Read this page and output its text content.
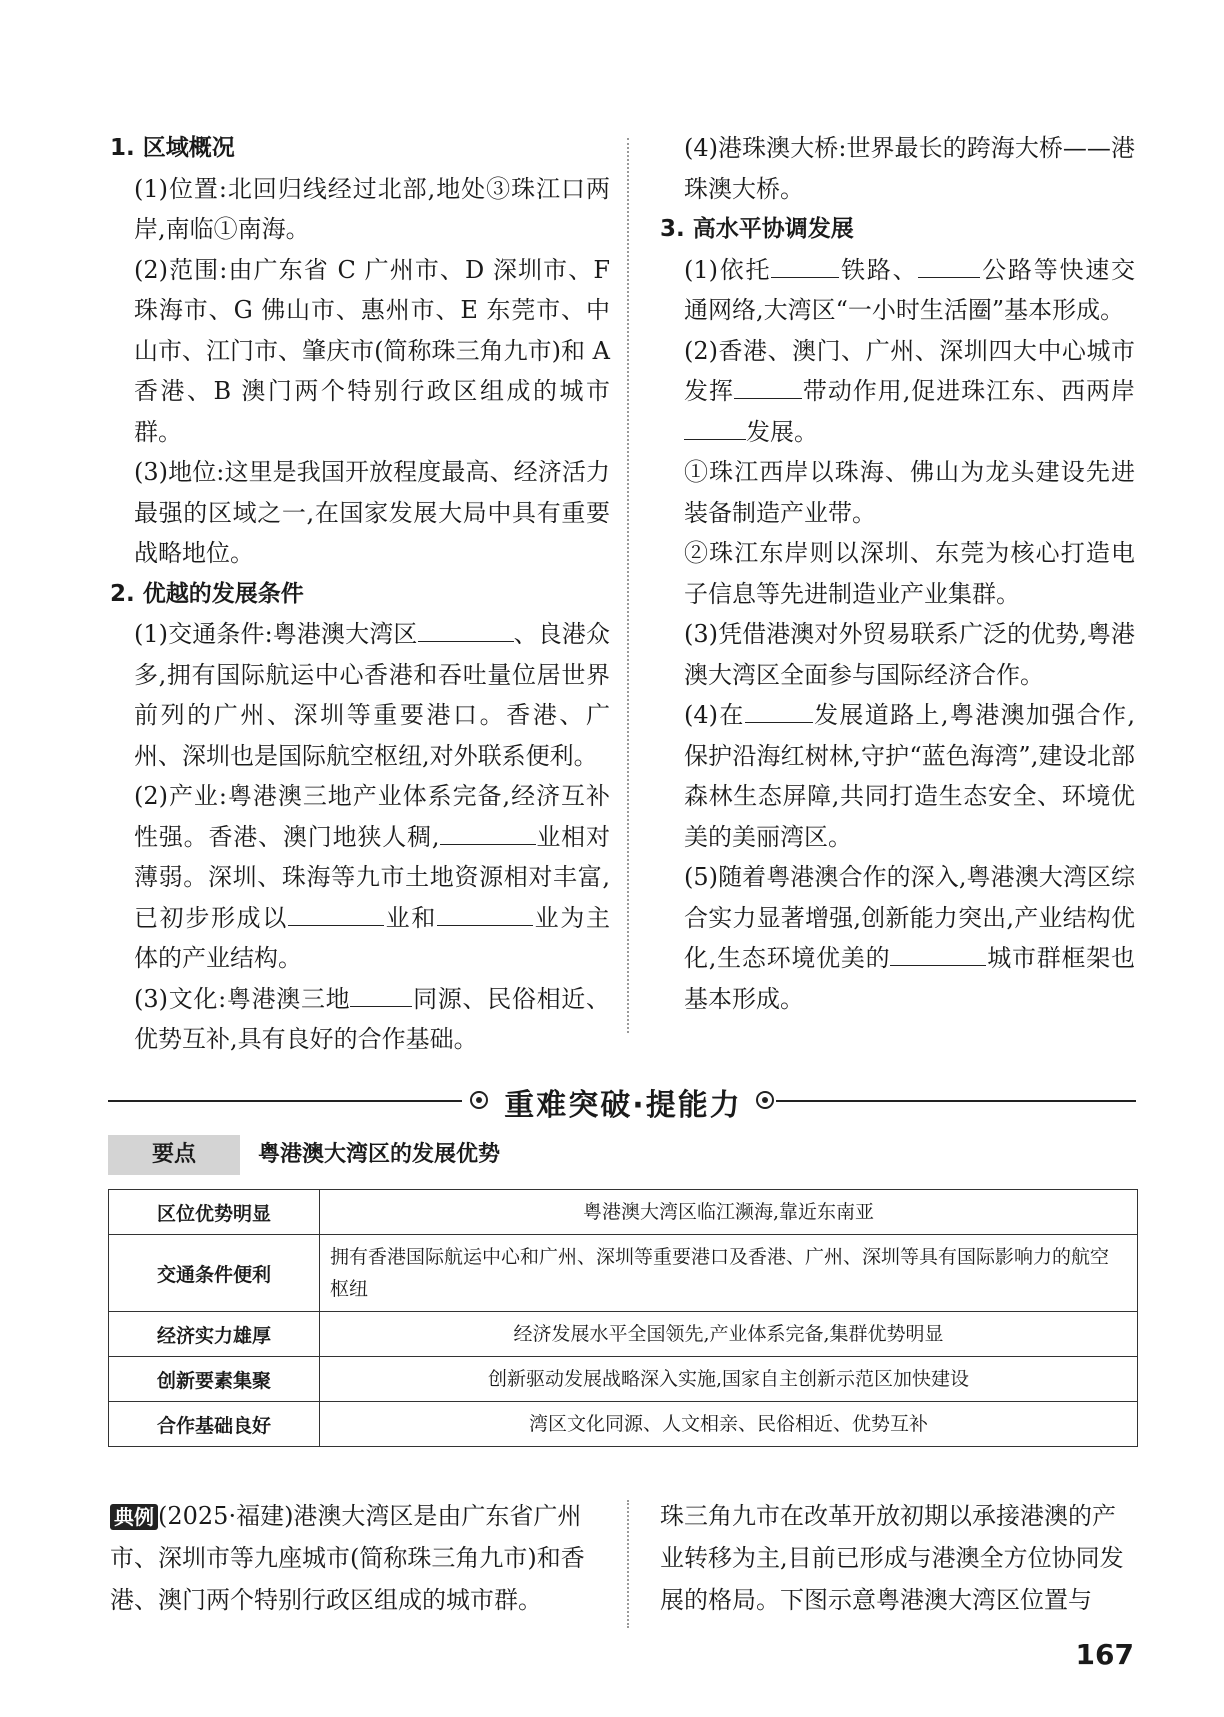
1. 区域概况

(1)位置:北回归线经过北部,地处③珠江口两岸,南临①南海。

(2)范围:由广东省 C 广州市、D 深圳市、F 珠海市、G 佛山市、惠州市、E 东莞市、中山市、江门市、肇庆市(简称珠三角九市)和 A 香港、B 澳门两个特别行政区组成的城市群。

(3)地位:这里是我国开放程度最高、经济活力最强的区域之一,在国家发展大局中具有重要战略地位。

2. 优越的发展条件

(1)交通条件:粤港澳大湾区	、良港众多,拥有国际航运中心香港和吞吐量位居世界前列的广州、深圳等重要港口。香港、广州、深圳也是国际航空枢纽,对外联系便利。

(2)产业:粤港澳三地产业体系完备,经济互补性强。香港、澳门地狭人稠,	业相对薄弱。深圳、珠海等九市土地资源相对丰富,已初步形成以	业和	业为主体的产业结构。

(3)文化:粤港澳三地	同源、民俗相近、优势互补,具有良好的合作基础。

(4)港珠澳大桥:世界最长的跨海大桥——港珠澳大桥。

3. 高水平协调发展

(1)依托	铁路、	公路等快速交通网络,大湾区“一小时生活圈”基本形成。

(2)香港、澳门、广州、深圳四大中心城市发挥	带动作用,促进珠江东、西两岸发展。

①珠江西岸以珠海、佛山为龙头建设先进装备制造产业带。

②珠江东岸则以深圳、东莞为核心打造电子信息等先进制造业产业集群。

(3)凭借港澳对外贸易联系广泛的优势,粤港澳大湾区全面参与国际经济合作。

(4)在	发展道路上,粤港澳加强合作,保护沿海红树林,守护“蓝色海湾”,建设北部森林生态屏障,共同打造生态安全、环境优美的美丽湾区。

(5)随着粤港澳合作的深入,粤港澳大湾区综合实力显著增强,创新能力突出,产业结构优化,生态环境优美的	城市群框架也基本形成。

重难突破·提能力
要点	粤港澳大湾区的发展优势
区位优势明显	粤港澳大湾区临江濒海,靠近东南亚
交通条件便利	拥有香港国际航运中心和广州、深圳等重要港口及香港、广州、深圳等具有国际影响力的航空枢纽
经济实力雄厚	经济发展水平全国领先,产业体系完备,集群优势明显
创新要素集聚	创新驱动发展战略深入实施,国家自主创新示范区加快建设
合作基础良好	湾区文化同源、人文相亲、民俗相近、优势互补
典例 (2025·福建)港澳大湾区是由广东省广州市、深圳市等九座城市(简称珠三角九市)和香港、澳门两个特别行政区组成的城市群。
珠三角九市在改革开放初期以承接港澳的产业转移为主,目前已形成与港澳全方位协同发展的格局。下图示意粤港澳大湾区位置与
167
